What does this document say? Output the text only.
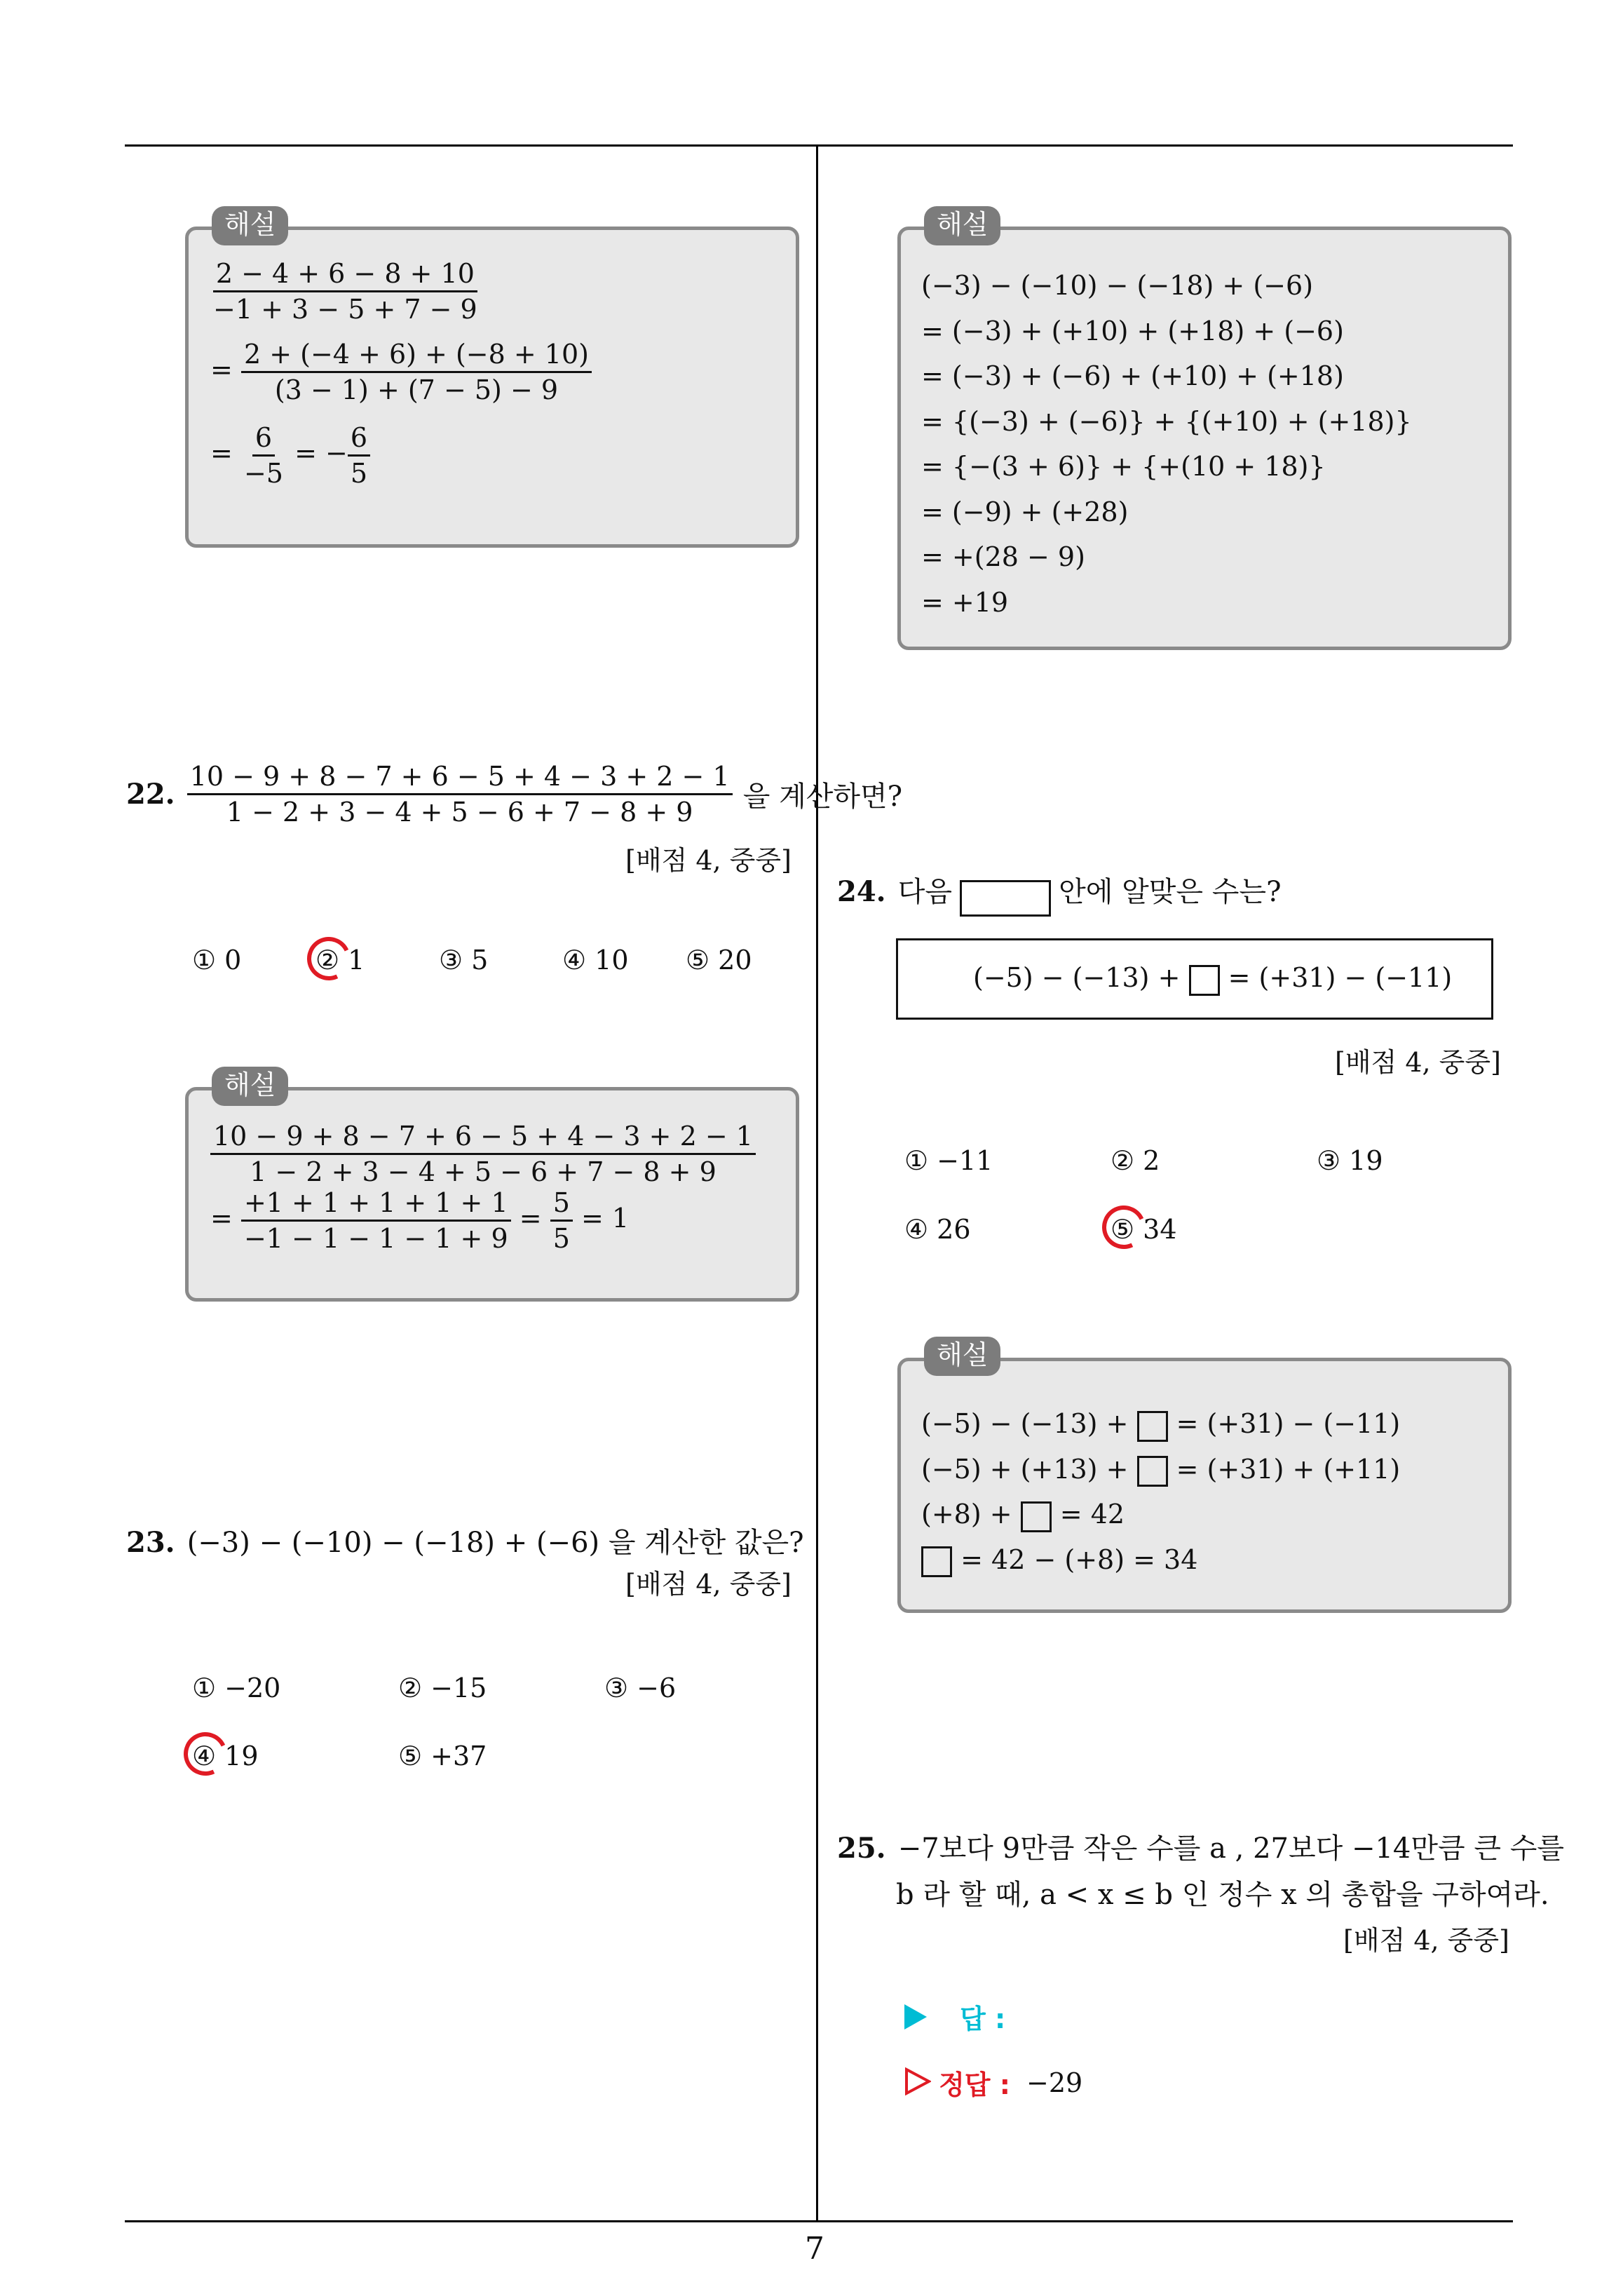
7
해설
$\frac{2 - 4 + 6 - 8 + 10}{-1 + 3 - 5 + 7 - 9}$
= $\frac{2 + (-4 + 6) + (-8 + 10)}{(3 - 1) + (7 - 5) - 9}$
= $\frac{6}{-5}$ = − $\frac{6}{5}$
22. $\frac{10 - 9 + 8 - 7 + 6 - 5 + 4 - 3 + 2 - 1}{1 - 2 + 3 - 4 + 5 - 6 + 7 - 8 + 9}$ 을 계산하면?
[배점 4, 중중]
① 0	② 1	③ 5	④ 10 ⑤ 20
해설
$\frac{10 - 9 + 8 - 7 + 6 - 5 + 4 - 3 + 2 - 1}{1 - 2 + 3 - 4 + 5 - 6 + 7 - 8 + 9}$
= $\frac{+1 + 1 + 1 + 1 + 1}{-1 - 1 - 1 - 1 + 9} = \frac{5}{5} = 1$
23. (−3) − (−10) − (−18) + (−6) 을 계산한 값은?
[배점 4, 중중]
① −20	② −15	③ −6
④ 19	⑤ +37
해설
(−3) − (−10) − (−18) + (−6)
= (−3) + (+10) + (+18) + (−6)
= (−3) + (−6) + (+10) + (+18)
= {(−3) + (−6)} + {(+10) + (+18)}
= {−(3 + 6)} + {+(10 + 18)}
= (−9) + (+28)
= +(28 − 9)
= +19
24. 다음	안에 알맞은 수는?
(−5) − (−13) + = (+31) − (−11)
[배점 4, 중중]
① −11	② 2	③ 19
④ 26	⑤ 34
해설
(−5) − (−13) + = (+31) − (−11)
(−5) + (+13) + = (+31) + (+11)
(+8) + = 42
= 42 − (+8) = 34
25. −7보다 9만큼 작은 수를 a , 27보다 −14만큼 큰 수를
b 라 할 때, a < x ≤ b 인 정수 x 의 총합을 구하여라.
[배점 4, 중중]
답 :
정답 : −29
